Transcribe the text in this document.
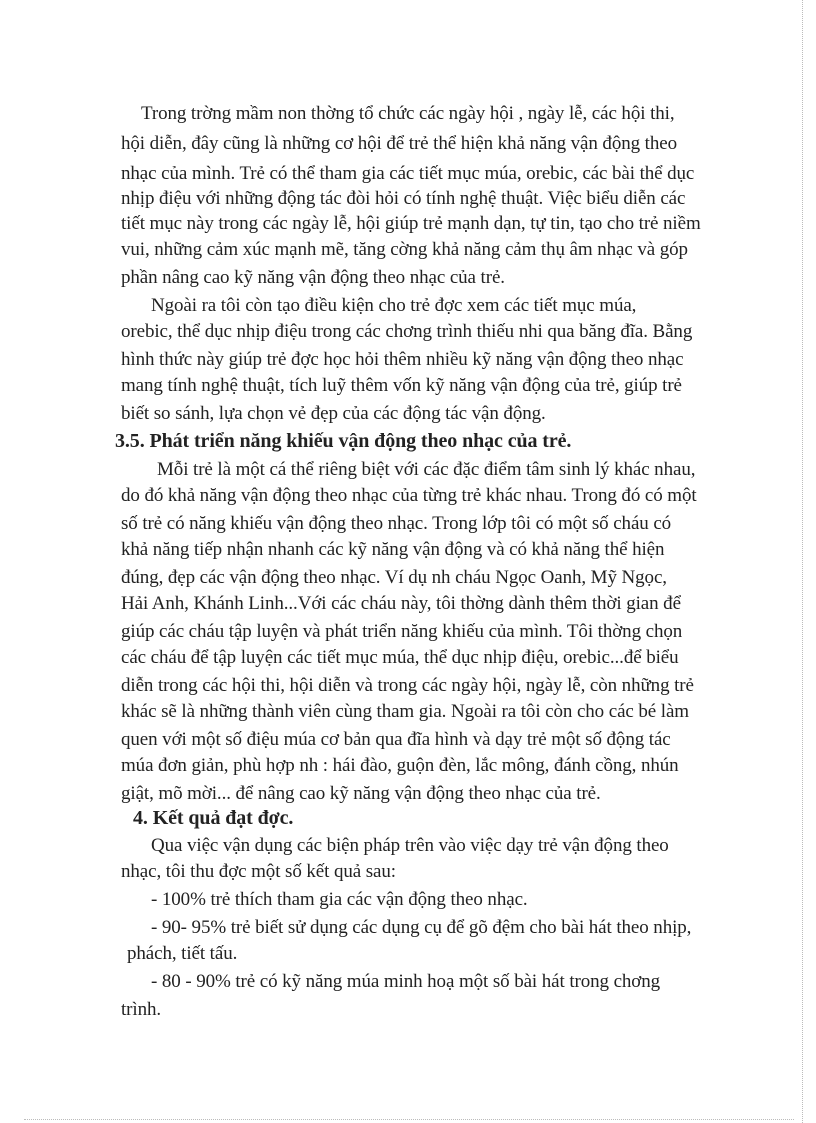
Trong trờng mầm non thờng tổ chức các ngày hội , ngày lễ, các hội thi,

hội diễn, đây cũng là những cơ hội để trẻ thể hiện khả năng vận động theo

nhạc của mình. Trẻ có thể tham gia các tiết mục múa, orebic, các bài thể dục

nhịp điệu với những động tác đòi hỏi có tính nghệ thuật. Việc biểu diễn các

tiết mục này trong các ngày lễ, hội giúp trẻ mạnh dạn, tự tin, tạo cho trẻ niềm

vui, những cảm xúc mạnh mẽ, tăng cờng khả năng cảm thụ âm nhạc và góp

phần nâng cao kỹ năng vận động theo nhạc của trẻ.

Ngoài ra tôi còn tạo điều kiện cho trẻ đợc xem các tiết mục múa,

orebic, thể dục nhịp điệu trong các chơng trình thiếu nhi qua băng đĩa. Bằng

hình thức này giúp trẻ đợc học hỏi thêm nhiều kỹ năng vận động theo nhạc

mang tính nghệ thuật, tích luỹ thêm vốn kỹ năng vận động của trẻ, giúp trẻ

biết so sánh, lựa chọn vẻ đẹp của các động tác vận động.

3.5. Phát triển năng khiếu vận động theo nhạc của trẻ.

Mỗi trẻ là một cá thể riêng biệt với các đặc điểm tâm sinh lý khác nhau,

do đó khả năng vận động theo nhạc của từng trẻ khác nhau. Trong đó có một

số trẻ có năng khiếu vận động theo nhạc. Trong lớp tôi có một số cháu có

khả năng tiếp nhận nhanh các kỹ năng vận động và có khả năng thể hiện

đúng, đẹp các vận động theo nhạc. Ví dụ nh cháu Ngọc Oanh, Mỹ Ngọc,

Hải Anh, Khánh Linh...Với các cháu này, tôi thờng dành thêm thời gian để

giúp các cháu tập luyện và phát triển năng khiếu của mình. Tôi thờng chọn

các cháu để tập luyện các tiết mục múa, thể dục nhịp điệu, orebic...để biểu

diễn trong các hội thi, hội diễn và trong các ngày hội, ngày lễ, còn những trẻ

khác sẽ là những thành viên cùng tham gia. Ngoài ra tôi còn cho các bé làm

quen với một số điệu múa cơ bản qua đĩa hình và dạy trẻ một số động tác

múa đơn giản, phù hợp nh : hái đào, guộn đèn, lắc mông, đánh cồng, nhún

giật, mõ mời... để nâng cao kỹ năng vận động theo nhạc của trẻ.

4. Kết quả đạt đợc.

Qua việc vận dụng các biện pháp trên vào việc dạy trẻ vận động theo

nhạc, tôi thu đợc một số kết quả sau:

- 100% trẻ thích tham gia các vận động theo nhạc.

- 90- 95% trẻ biết sử dụng các dụng cụ để gõ đệm cho bài hát theo nhịp,

phách, tiết tấu.

- 80 - 90% trẻ có kỹ năng múa minh hoạ một số bài hát trong chơng

trình.
